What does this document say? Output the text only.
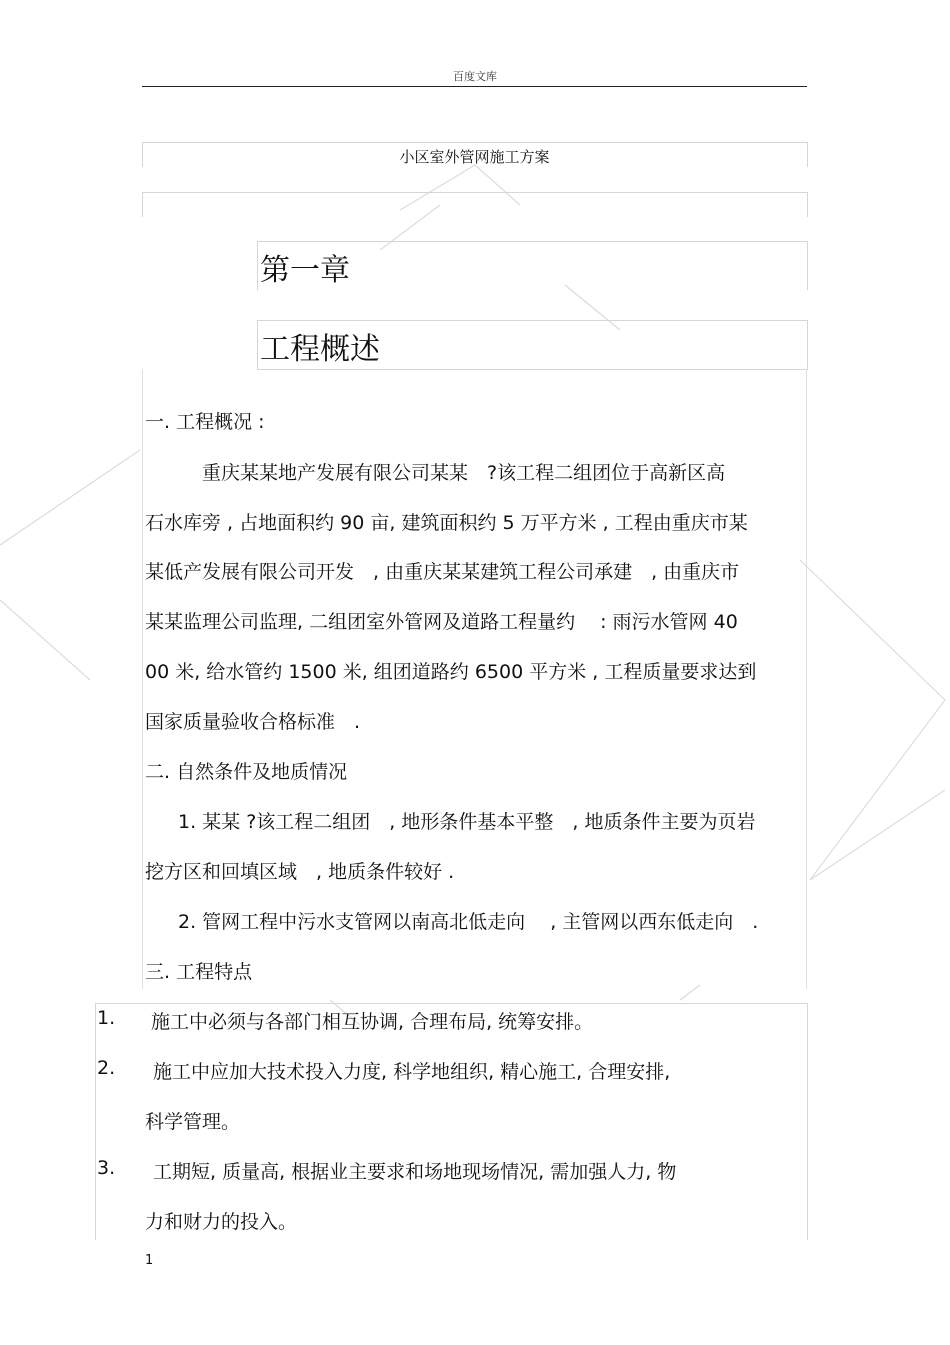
百度文库
小区室外管网施工方案
第一章
工程概述
一. 工程概况 :
重庆某某地产发展有限公司某某　?该工程二组团位于高新区高
石水库旁 , 占地面积约 90 亩, 建筑面积约 5 万平方米 , 工程由重庆市某
某低产发展有限公司开发　, 由重庆某某建筑工程公司承建　, 由重庆市
某某监理公司监理, 二组团室外管网及道路工程量约　 : 雨污水管网 40
00 米, 给水管约 1500 米, 组团道路约 6500 平方米 , 工程质量要求达到
国家质量验收合格标准　.
二. 自然条件及地质情况
1. 某某 ?该工程二组团　, 地形条件基本平整　, 地质条件主要为页岩
挖方区和回填区域　, 地质条件较好 .
2. 管网工程中污水支管网以南高北低走向　 , 主管网以西东低走向　.
三. 工程特点
1. 施工中必须与各部门相互协调, 合理布局, 统筹安排。
2. 施工中应加大技术投入力度, 科学地组织, 精心施工, 合理安排,
科学管理。
3. 工期短, 质量高, 根据业主要求和场地现场情况, 需加强人力, 物
力和财力的投入。
1
